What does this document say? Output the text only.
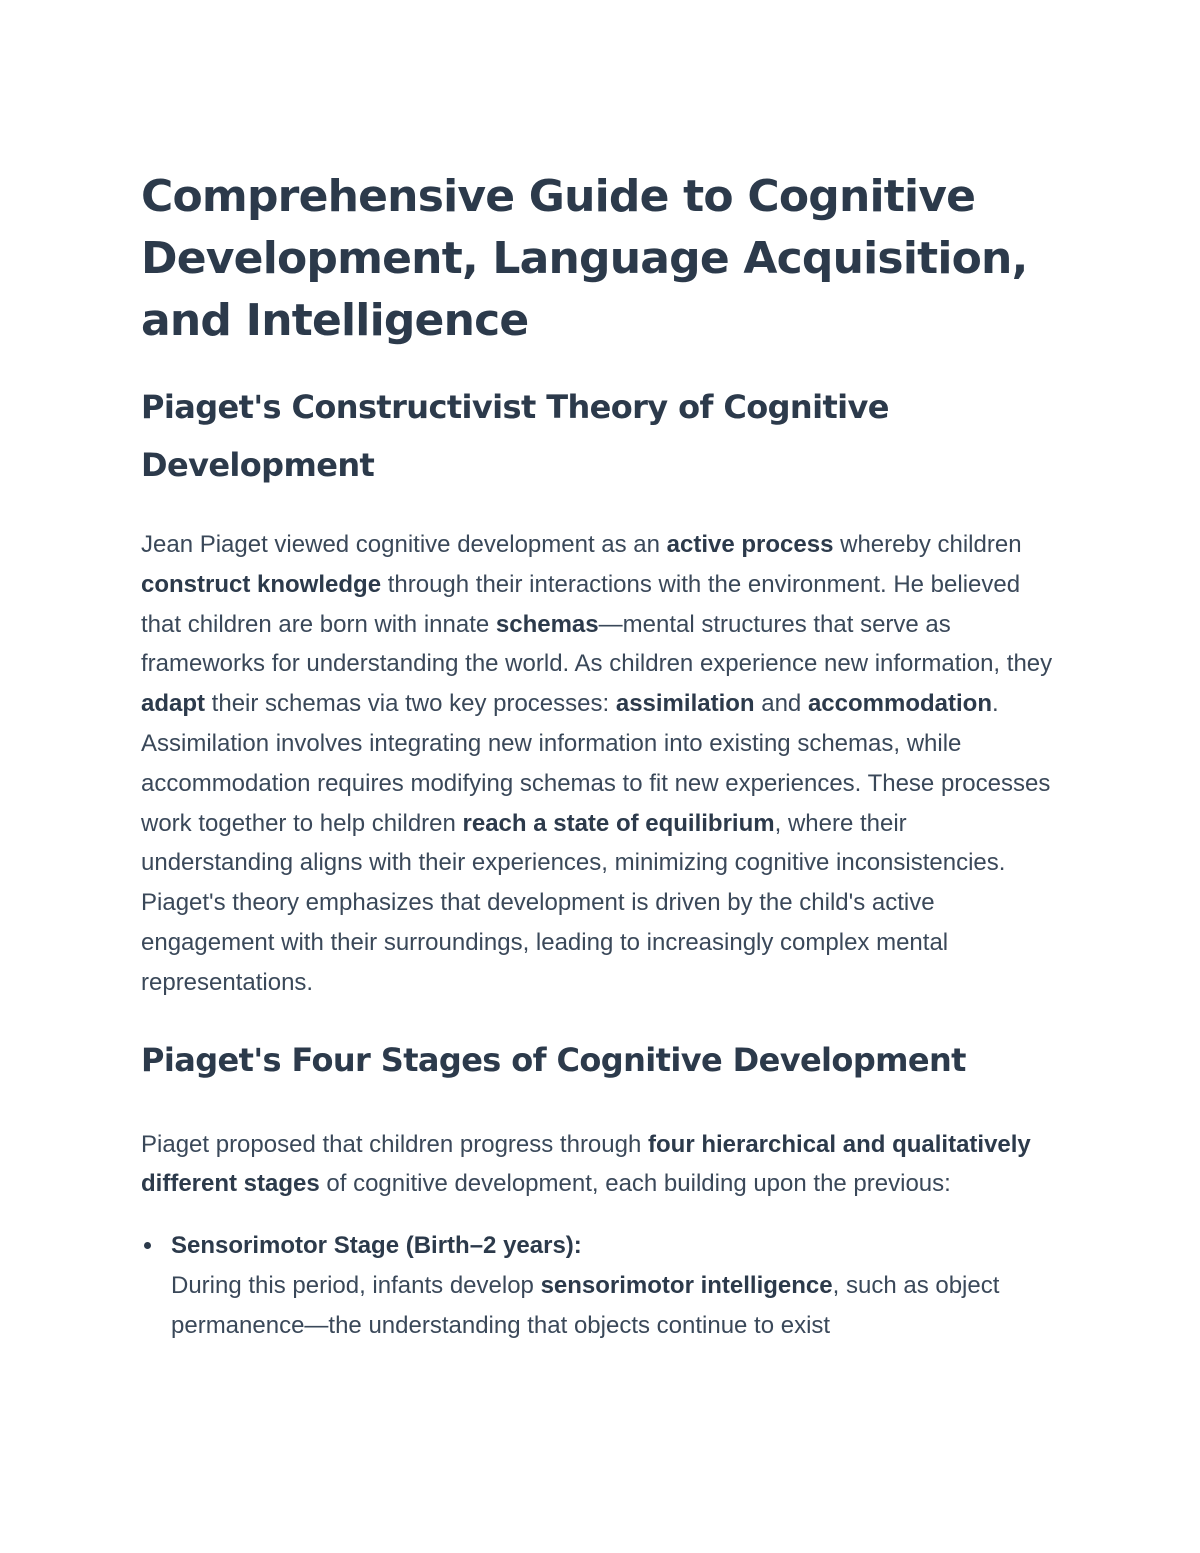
Comprehensive Guide to Cognitive Development, Language Acquisition, and Intelligence
Piaget's Constructivist Theory of Cognitive Development

Jean Piaget viewed cognitive development as an active process whereby children construct knowledge through their interactions with the environment. He believed that children are born with innate schemas—mental structures that serve as frameworks for understanding the world. As children experience new information, they adapt their schemas via two key processes: assimilation and accommodation. Assimilation involves integrating new information into existing schemas, while accommodation requires modifying schemas to fit new experiences. These processes work together to help children reach a state of equilibrium, where their understanding aligns with their experiences, minimizing cognitive inconsistencies. Piaget's theory emphasizes that development is driven by the child's active engagement with their surroundings, leading to increasingly complex mental representations.

Piaget's Four Stages of Cognitive Development

Piaget proposed that children progress through four hierarchical and qualitatively different stages of cognitive development, each building upon the previous:

Sensorimotor Stage (Birth–2 years):
During this period, infants develop sensorimotor intelligence, such as object permanence—the understanding that objects continue to exist
